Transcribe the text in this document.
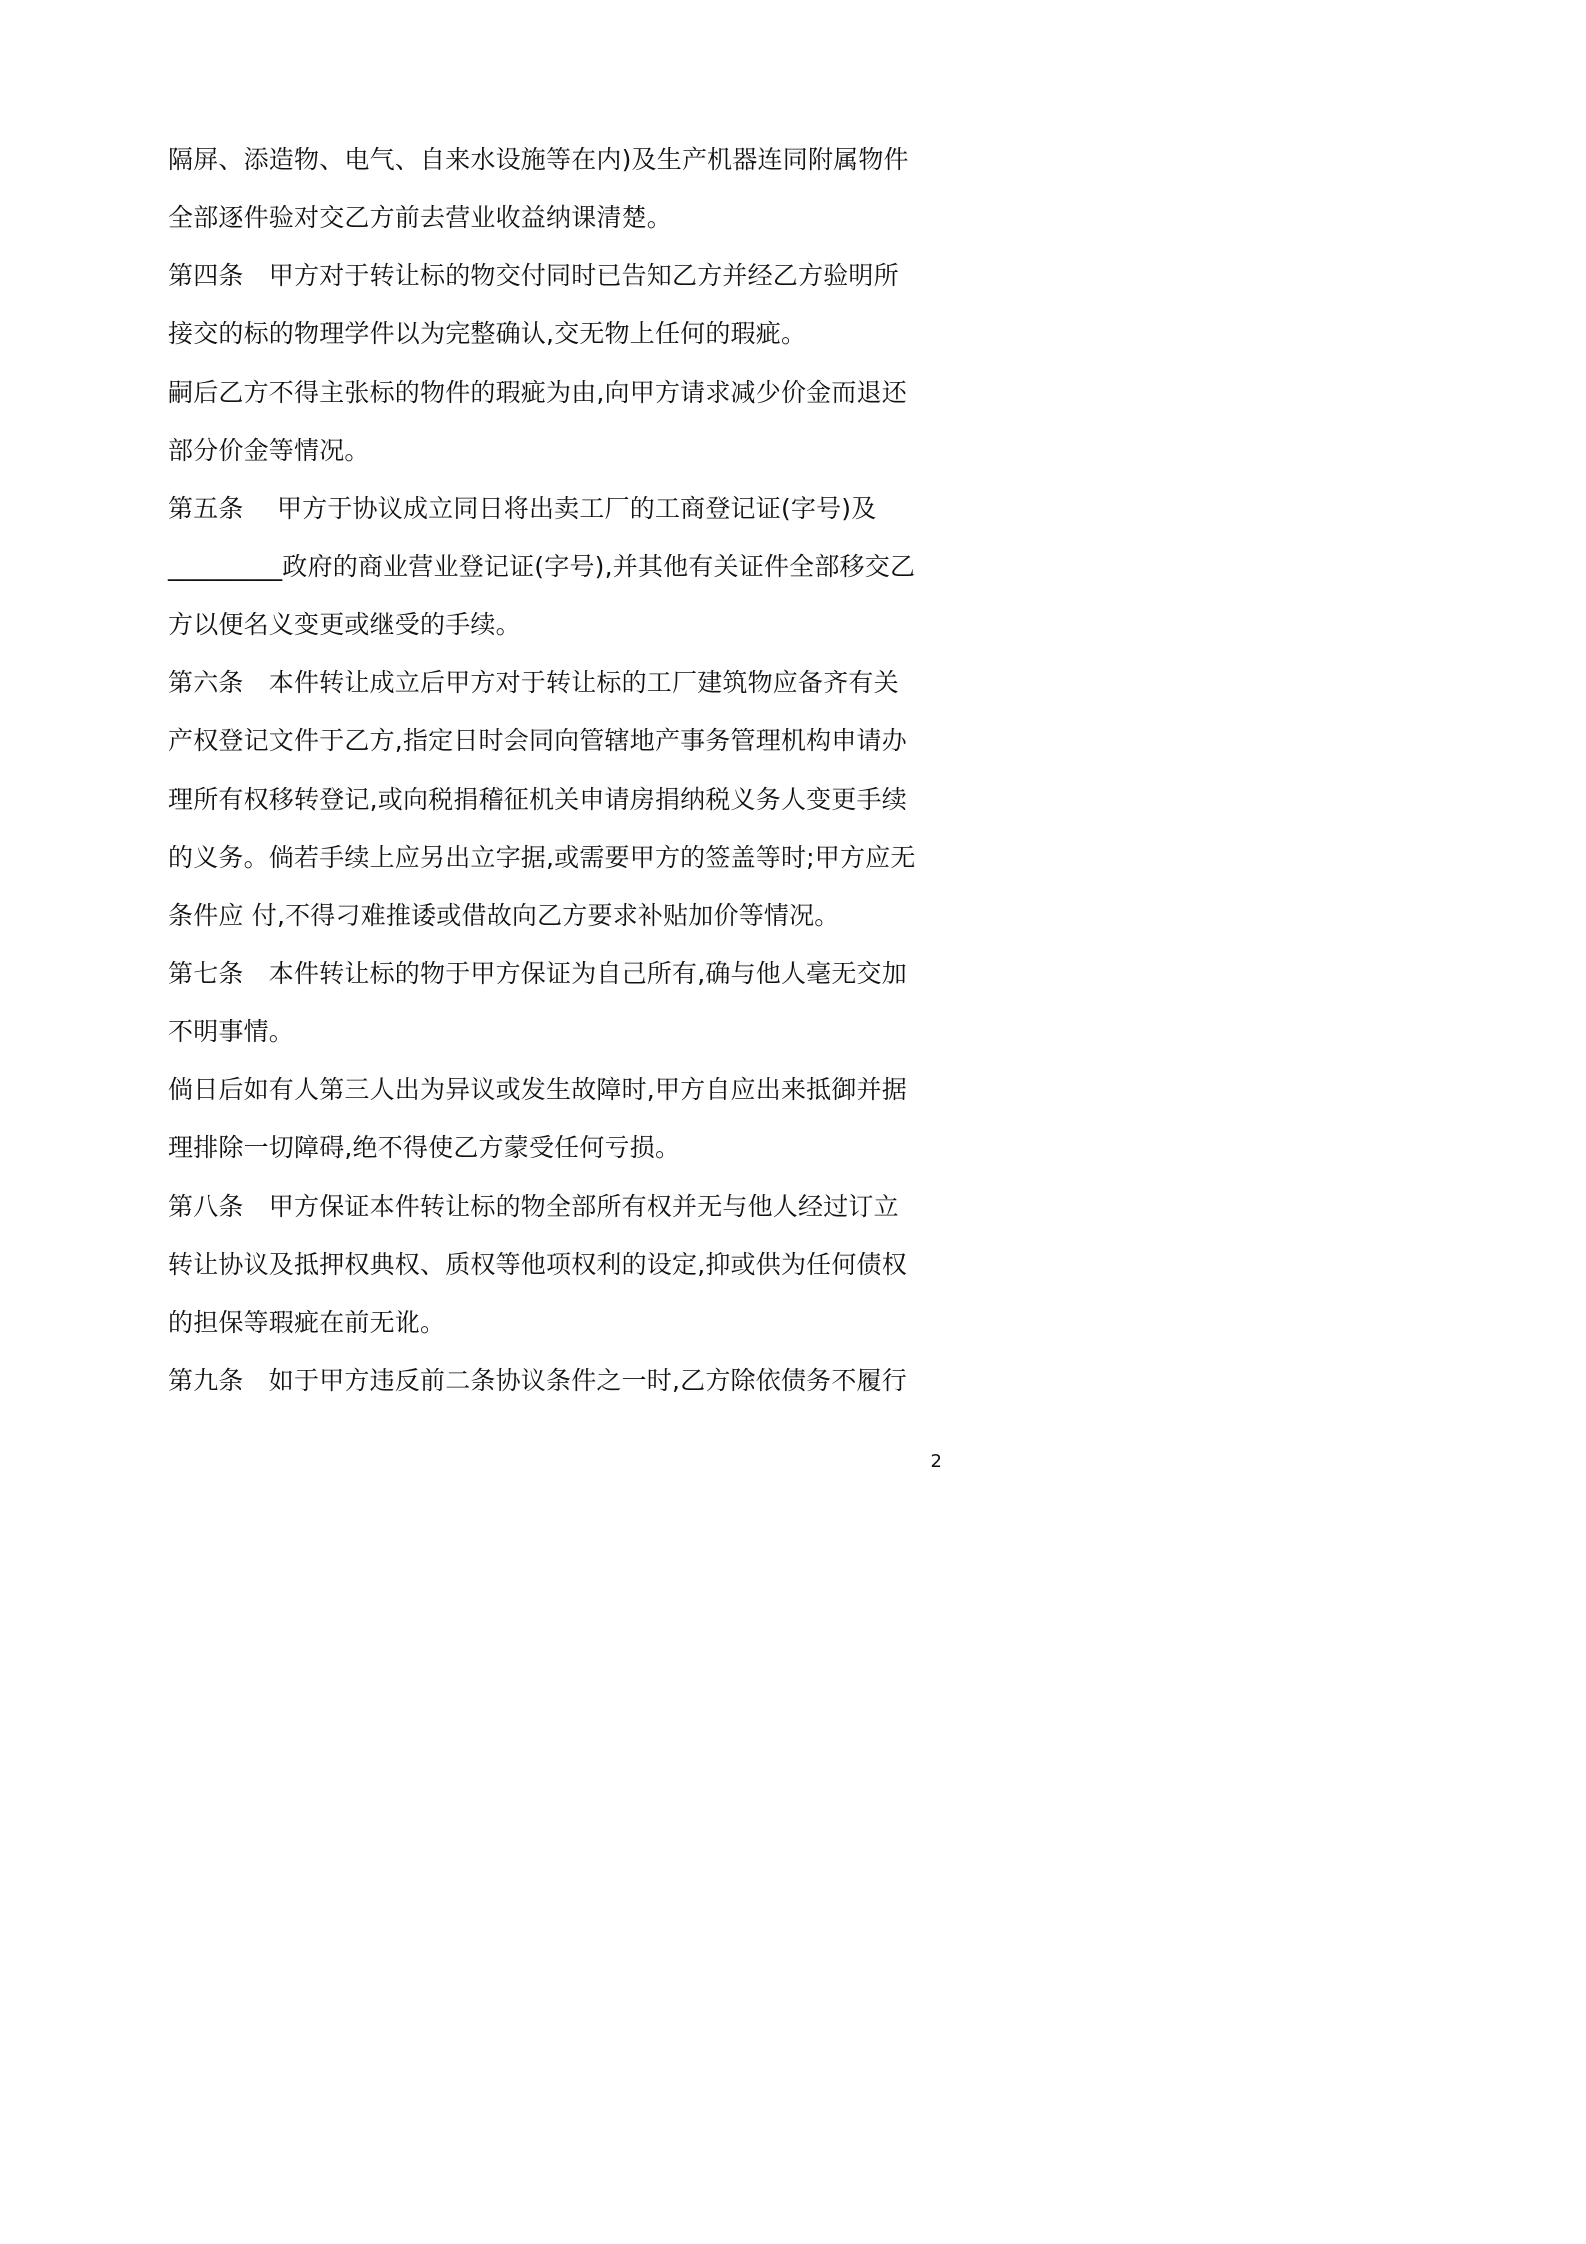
隔屏、添造物、电气、自来水设施等在内)及生产机器连同附属物件
全部逐件验对交乙方前去营业收益纳课清楚。
第四条　甲方对于转让标的物交付同时已告知乙方并经乙方验明所
接交的标的物理学件以为完整确认,交无物上任何的瑕疵。
嗣后乙方不得主张标的物件的瑕疵为由,向甲方请求减少价金而退还
部分价金等情况。
第五条　 甲方于协议成立同日将出卖工厂的工商登记证(字号)及
_________政府的商业营业登记证(字号),并其他有关证件全部移交乙
方以便名义变更或继受的手续。
第六条　本件转让成立后甲方对于转让标的工厂建筑物应备齐有关
产权登记文件于乙方,指定日时会同向管辖地产事务管理机构申请办
理所有权移转登记,或向税捐稽征机关申请房捐纳税义务人变更手续
的义务。倘若手续上应另出立字据,或需要甲方的签盖等时;甲方应无
条件应 付,不得刁难推诿或借故向乙方要求补贴加价等情况。
第七条　本件转让标的物于甲方保证为自己所有,确与他人毫无交加
不明事情。
倘日后如有人第三人出为异议或发生故障时,甲方自应出来抵御并据
理排除一切障碍,绝不得使乙方蒙受任何亏损。
第八条　甲方保证本件转让标的物全部所有权并无与他人经过订立
转让协议及抵押权典权、质权等他项权利的设定,抑或供为任何债权
的担保等瑕疵在前无讹。
第九条　如于甲方违反前二条协议条件之一时,乙方除依债务不履行
2
